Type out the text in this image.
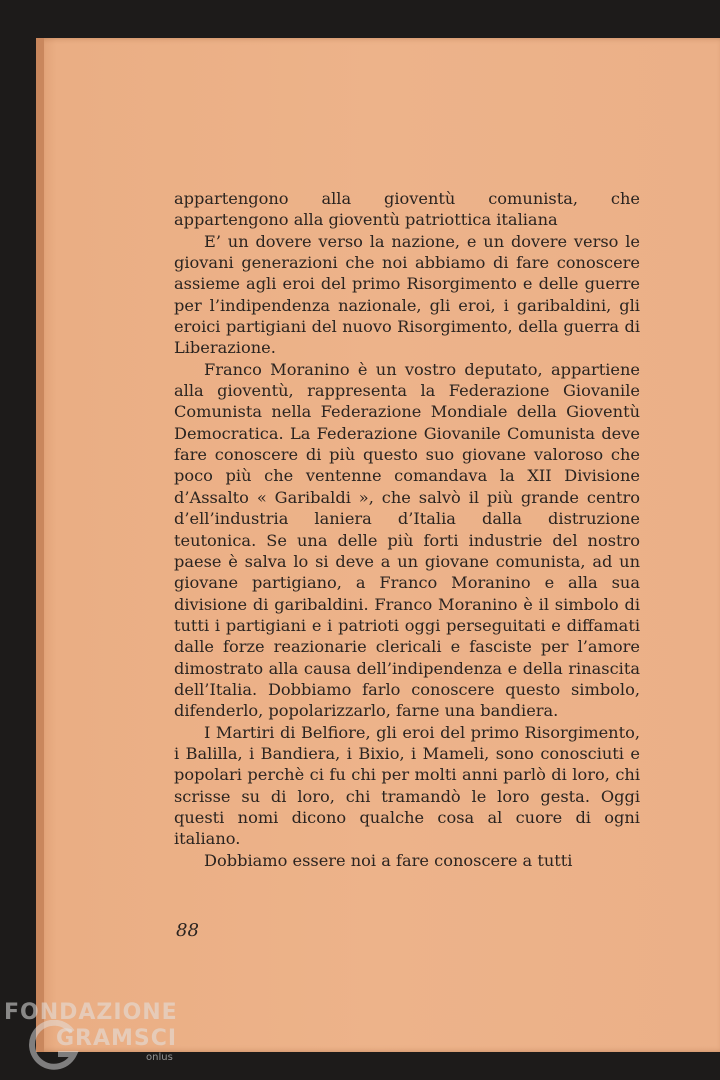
appartengono alla gioventù comunista, che appartengono alla gioventù patriottica italiana

E’ un dovere verso la nazione, e un dovere verso le giovani generazioni che noi abbiamo di fare conoscere assieme agli eroi del primo Risorgimento e delle guerre per l’indipendenza nazionale, gli eroi, i garibaldini, gli eroici partigiani del nuovo Risorgimento, della guerra di Liberazione.

Franco Moranino è un vostro deputato, appartiene alla gioventù, rappresenta la Federazione Giovanile Comunista nella Federazione Mondiale della Gioventù Democratica. La Federazione Giovanile Comunista deve fare conoscere di più questo suo giovane valoroso che poco più che ventenne comandava la XII Divisione d’Assalto « Garibaldi », che salvò il più grande centro d’ell’industria laniera d’Italia dalla distruzione teutonica. Se una delle più forti industrie del nostro paese è salva lo si deve a un giovane comunista, ad un giovane partigiano, a Franco Moranino e alla sua divisione di garibaldini. Franco Moranino è il simbolo di tutti i partigiani e i patrioti oggi perseguitati e diffamati dalle forze reazionarie clericali e fasciste per l’amore dimostrato alla causa dell’indipendenza e della rinascita dell’Italia. Dobbiamo farlo conoscere questo simbolo, difenderlo, popolarizzarlo, farne una bandiera.

I Martiri di Belfiore, gli eroi del primo Risorgimento, i Balilla, i Bandiera, i Bixio, i Mameli, sono conosciuti e popolari perchè ci fu chi per molti anni parlò di loro, chi scrisse su di loro, chi tramandò le loro gesta. Oggi questi nomi dicono qualche cosa al cuore di ogni italiano.

Dobbiamo essere noi a fare conoscere a tutti

88
FONDAZIONE
GRAMSCI
onlus
